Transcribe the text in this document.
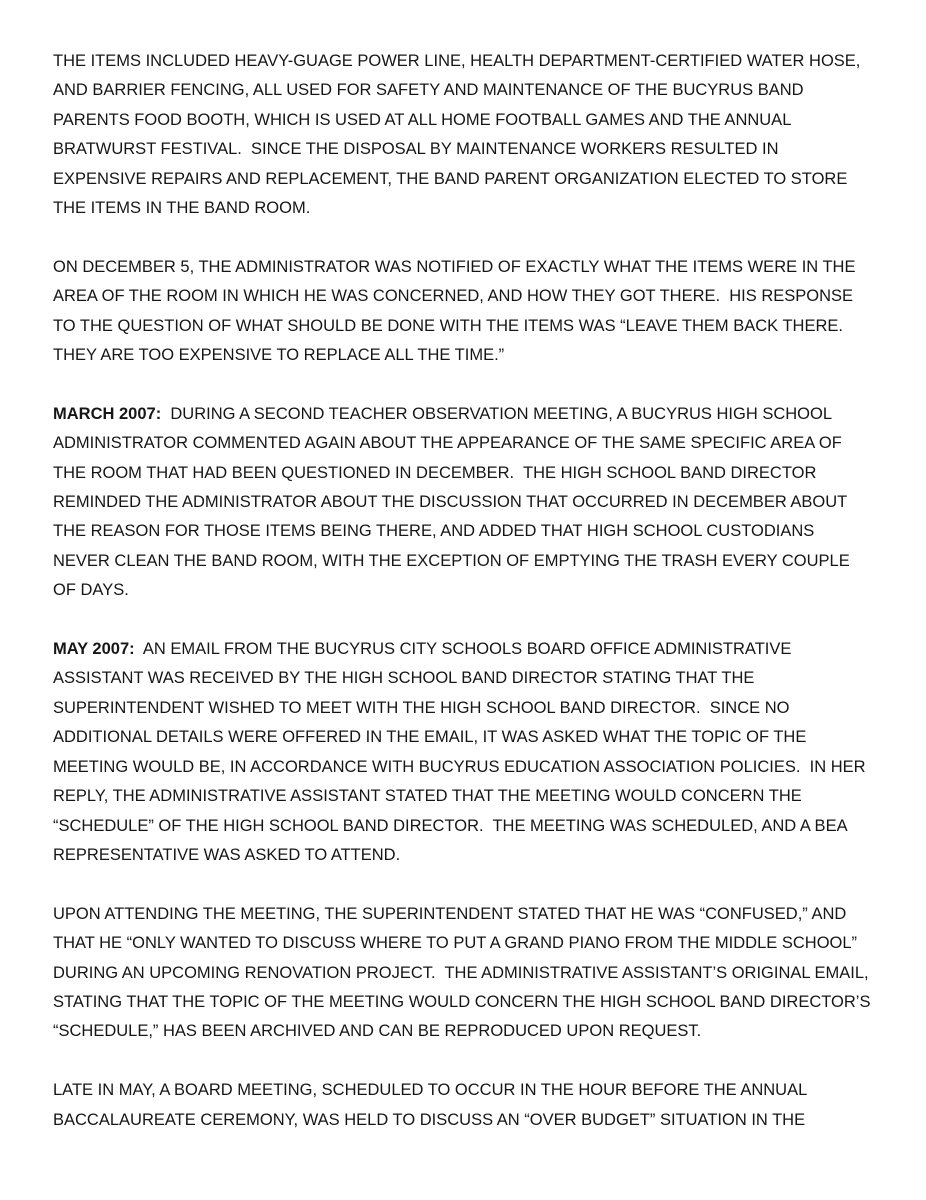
THE ITEMS INCLUDED HEAVY-GUAGE POWER LINE, HEALTH DEPARTMENT-CERTIFIED WATER HOSE, AND BARRIER FENCING, ALL USED FOR SAFETY AND MAINTENANCE OF THE BUCYRUS BAND PARENTS FOOD BOOTH, WHICH IS USED AT ALL HOME FOOTBALL GAMES AND THE ANNUAL BRATWURST FESTIVAL.  SINCE THE DISPOSAL BY MAINTENANCE WORKERS RESULTED IN EXPENSIVE REPAIRS AND REPLACEMENT, THE BAND PARENT ORGANIZATION ELECTED TO STORE THE ITEMS IN THE BAND ROOM.

ON DECEMBER 5, THE ADMINISTRATOR WAS NOTIFIED OF EXACTLY WHAT THE ITEMS WERE IN THE AREA OF THE ROOM IN WHICH HE WAS CONCERNED, AND HOW THEY GOT THERE.  HIS RESPONSE TO THE QUESTION OF WHAT SHOULD BE DONE WITH THE ITEMS WAS “LEAVE THEM BACK THERE.  THEY ARE TOO EXPENSIVE TO REPLACE ALL THE TIME.”

MARCH 2007:  DURING A SECOND TEACHER OBSERVATION MEETING, A BUCYRUS HIGH SCHOOL ADMINISTRATOR COMMENTED AGAIN ABOUT THE APPEARANCE OF THE SAME SPECIFIC AREA OF THE ROOM THAT HAD BEEN QUESTIONED IN DECEMBER.  THE HIGH SCHOOL BAND DIRECTOR REMINDED THE ADMINISTRATOR ABOUT THE DISCUSSION THAT OCCURRED IN DECEMBER ABOUT THE REASON FOR THOSE ITEMS BEING THERE, AND ADDED THAT HIGH SCHOOL CUSTODIANS NEVER CLEAN THE BAND ROOM, WITH THE EXCEPTION OF EMPTYING THE TRASH EVERY COUPLE OF DAYS.

MAY 2007:  AN EMAIL FROM THE BUCYRUS CITY SCHOOLS BOARD OFFICE ADMINISTRATIVE ASSISTANT WAS RECEIVED BY THE HIGH SCHOOL BAND DIRECTOR STATING THAT THE SUPERINTENDENT WISHED TO MEET WITH THE HIGH SCHOOL BAND DIRECTOR.  SINCE NO ADDITIONAL DETAILS WERE OFFERED IN THE EMAIL, IT WAS ASKED WHAT THE TOPIC OF THE MEETING WOULD BE, IN ACCORDANCE WITH BUCYRUS EDUCATION ASSOCIATION POLICIES.  IN HER REPLY, THE ADMINISTRATIVE ASSISTANT STATED THAT THE MEETING WOULD CONCERN THE “SCHEDULE” OF THE HIGH SCHOOL BAND DIRECTOR.  THE MEETING WAS SCHEDULED, AND A BEA REPRESENTATIVE WAS ASKED TO ATTEND.

UPON ATTENDING THE MEETING, THE SUPERINTENDENT STATED THAT HE WAS “CONFUSED,” AND THAT HE “ONLY WANTED TO DISCUSS WHERE TO PUT A GRAND PIANO FROM THE MIDDLE SCHOOL” DURING AN UPCOMING RENOVATION PROJECT.  THE ADMINISTRATIVE ASSISTANT’S ORIGINAL EMAIL, STATING THAT THE TOPIC OF THE MEETING WOULD CONCERN THE HIGH SCHOOL BAND DIRECTOR’S “SCHEDULE,” HAS BEEN ARCHIVED AND CAN BE REPRODUCED UPON REQUEST.

LATE IN MAY, A BOARD MEETING, SCHEDULED TO OCCUR IN THE HOUR BEFORE THE ANNUAL BACCALAUREATE CEREMONY, WAS HELD TO DISCUSS AN “OVER BUDGET” SITUATION IN THE
